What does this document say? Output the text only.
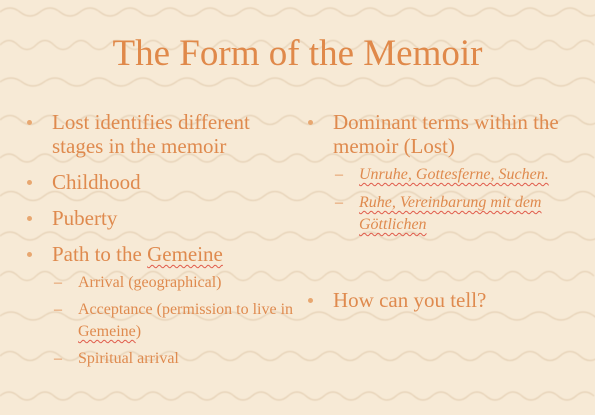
The Form of the Memoir
Lost identifies different stages in the memoir
Childhood
Puberty
Path to the Gemeine
– Arrival (geographical)
– Acceptance (permission to live in Gemeine)
– Spiritual arrival
Dominant terms within the memoir (Lost)
– Unruhe, Gottesferne, Suchen.
– Ruhe, Vereinbarung mit dem Göttlichen
How can you tell?
